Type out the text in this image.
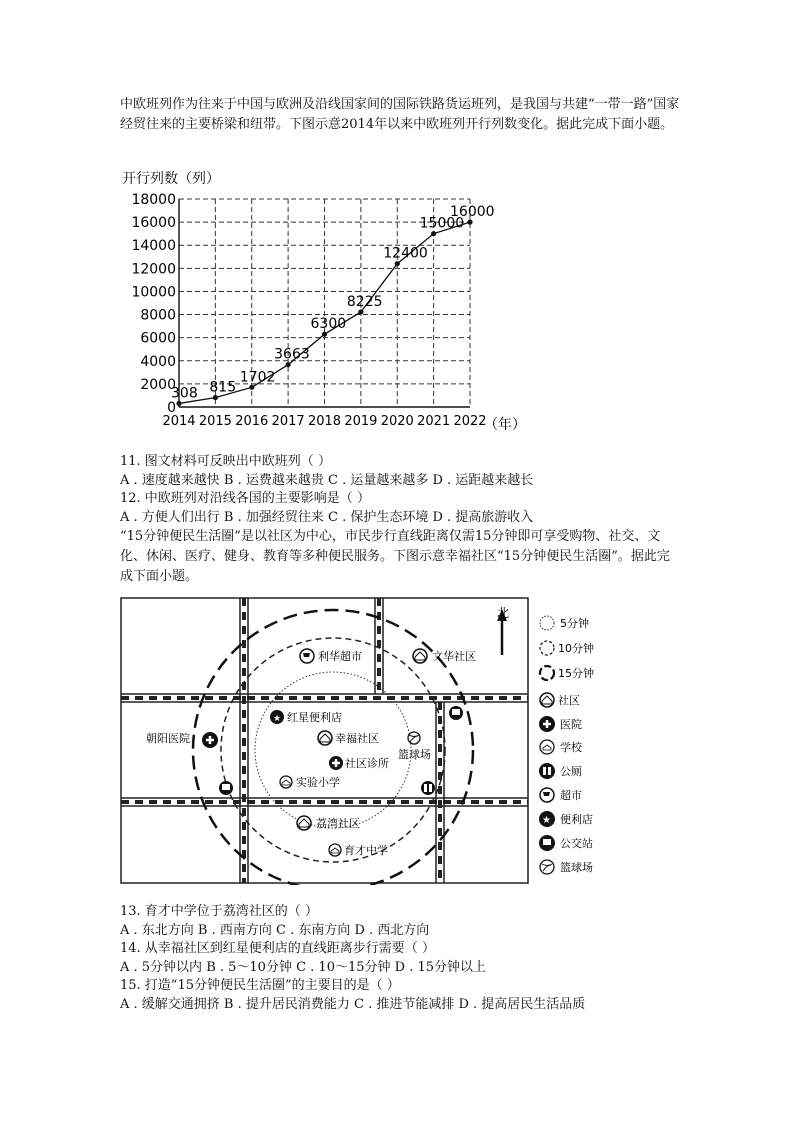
中欧班列作为往来于中国与欧洲及沿线国家间的国际铁路货运班列，是我国与共建“一带一路”国家经贸往来的主要桥梁和纽带。下图示意2014年以来中欧班列开行列数变化。据此完成下面小题。

开行列数（列）
0
2000
4000
6000
8000
10000
12000
14000
16000
18000
2014 2015 2016 2017 2018 2019 2020 2021 2022
308 815
1702
3663
6300
8225
12400
15000
16000
（年）

11. 图文材料可反映出中欧班列（ ）

A . 速度越来越快 B . 运费越来越贵 C . 运量越来越多 D . 运距越来越长

12. 中欧班列对沿线各国的主要影响是（ ）

A . 方便人们出行 B . 加强经贸往来 C . 保护生态环境 D . 提高旅游收入

“15分钟便民生活圈”是以社区为中心，市民步行直线距离仅需15分钟即可享受购物、社交、文化、休闲、医疗、健身、教育等多种便民服务。下图示意幸福社区“15分钟便民生活圈”。据此完成下面小题。

北
利华超市	文华社区
朝阳医院
★ 红星便利店
幸福社区
社区诊所
篮球场
实验小学
荔湾社区
育才中学
5分钟
10分钟
15分钟
社区
医院
学校
公厕
超市
★ 便利店
公交站
篮球场

13. 育才中学位于荔湾社区的（ ）

A . 东北方向 B . 西南方向 C . 东南方向 D . 西北方向

14. 从幸福社区到红星便利店的直线距离步行需要（ ）

A . 5分钟以内 B . 5～10分钟 C . 10～15分钟 D . 15分钟以上

15. 打造“15分钟便民生活圈”的主要目的是（ ）

A . 缓解交通拥挤 B . 提升居民消费能力 C . 推进节能减排 D . 提高居民生活品质
